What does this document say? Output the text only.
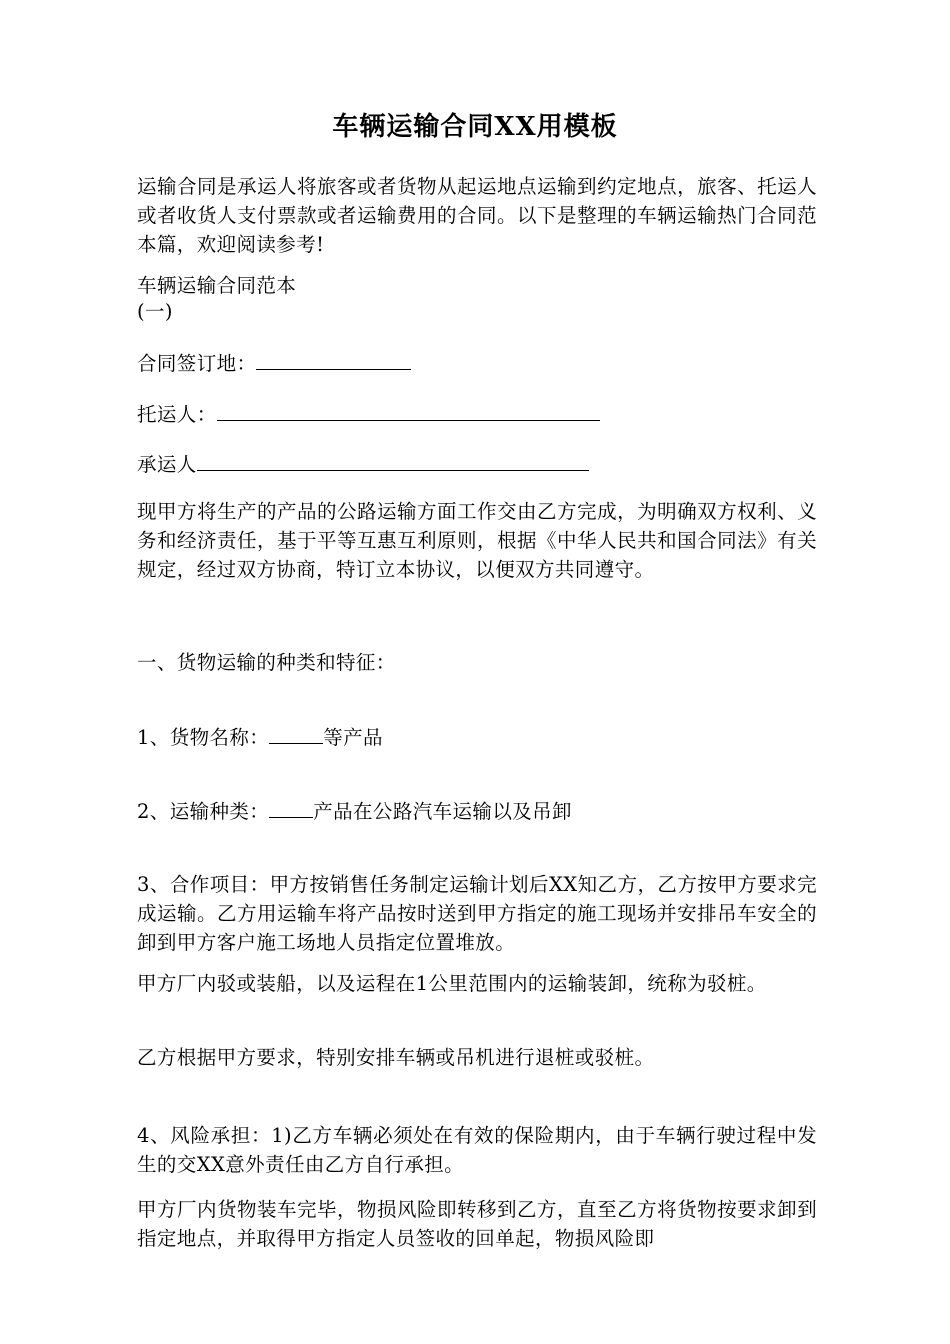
车辆运输合同XX用模板

运输合同是承运人将旅客或者货物从起运地点运输到约定地点，旅客、托运人或者收货人支付票款或者运输费用的合同。以下是整理的车辆运输热门合同范本篇，欢迎阅读参考!

车辆运输合同范本

(一)

合同签订地：

托运人：

承运人

现甲方将生产的产品的公路运输方面工作交由乙方完成，为明确双方权利、义务和经济责任，基于平等互惠互利原则，根据《中华人民共和国合同法》有关规定，经过双方协商，特订立本协议，以便双方共同遵守。

一、货物运输的种类和特征：

1、货物名称：	等产品

2、运输种类： 产品在公路汽车运输以及吊卸

3、合作项目：甲方按销售任务制定运输计划后XX知乙方，乙方按甲方要求完成运输。乙方用运输车将产品按时送到甲方指定的施工现场并安排吊车安全的卸到甲方客户施工场地人员指定位置堆放。

甲方厂内驳或装船，以及运程在1公里范围内的运输装卸，统称为驳桩。

乙方根据甲方要求，特别安排车辆或吊机进行退桩或驳桩。

4、风险承担：1)乙方车辆必须处在有效的保险期内，由于车辆行驶过程中发生的交XX意外责任由乙方自行承担。

甲方厂内货物装车完毕，物损风险即转移到乙方，直至乙方将货物按要求卸到指定地点，并取得甲方指定人员签收的回单起，物损风险即
